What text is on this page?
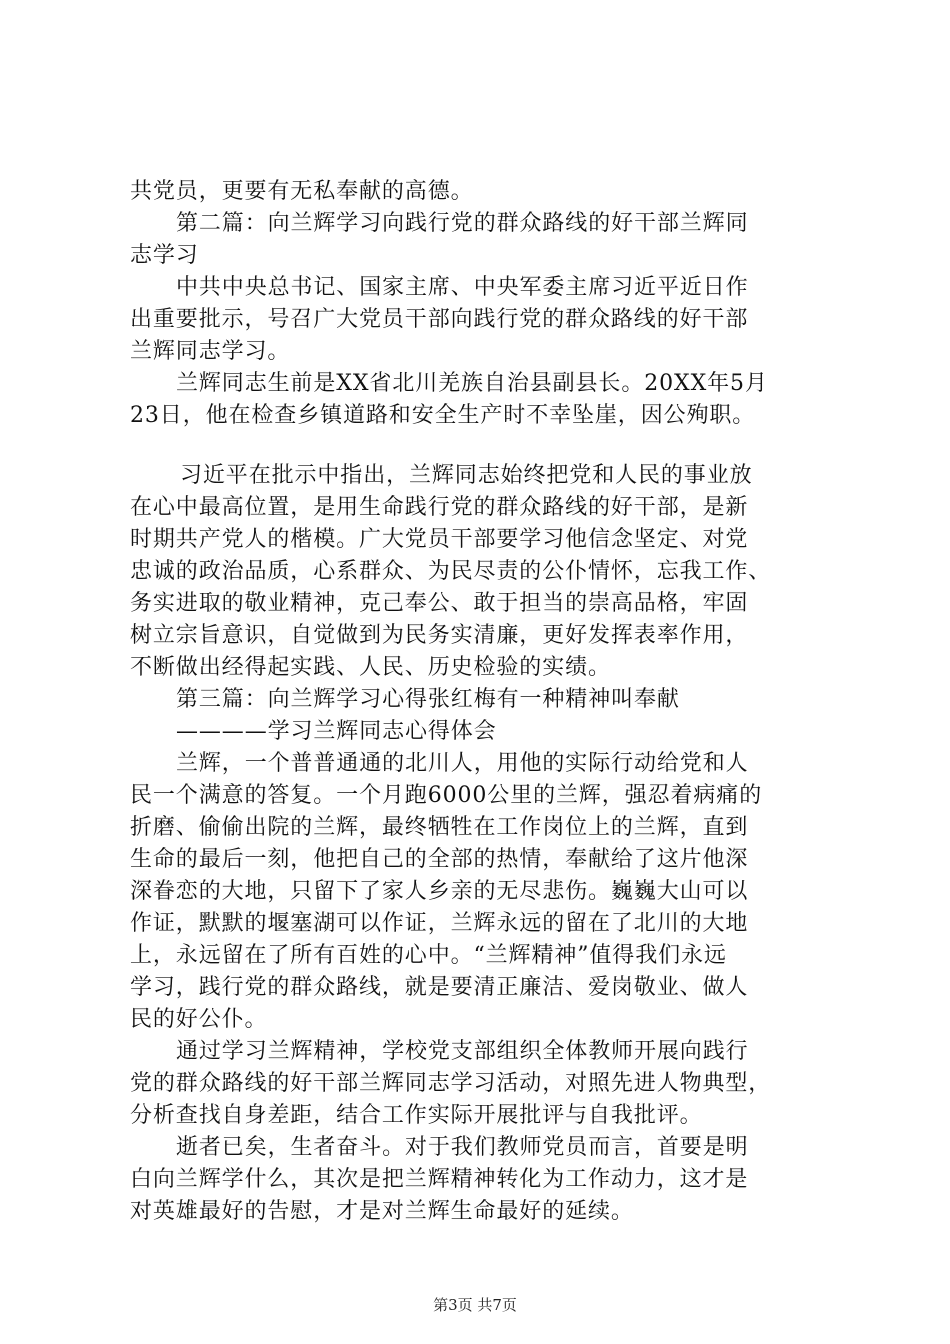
共党员，更要有无私奉献的高德。
第二篇：向兰辉学习向践行党的群众路线的好干部兰辉同
志学习
中共中央总书记、国家主席、中央军委主席习近平近日作
出重要批示，号召广大党员干部向践行党的群众路线的好干部
兰辉同志学习。
兰辉同志生前是XX省北川羌族自治县副县长。20XX年5月
23日，他在检查乡镇道路和安全生产时不幸坠崖，因公殉职。
习近平在批示中指出，兰辉同志始终把党和人民的事业放
在心中最高位置，是用生命践行党的群众路线的好干部，是新
时期共产党人的楷模。广大党员干部要学习他信念坚定、对党
忠诚的政治品质，心系群众、为民尽责的公仆情怀，忘我工作、
务实进取的敬业精神，克己奉公、敢于担当的崇高品格，牢固
树立宗旨意识，自觉做到为民务实清廉，更好发挥表率作用，
不断做出经得起实践、人民、历史检验的实绩。
第三篇：向兰辉学习心得张红梅有一种精神叫奉献
————学习兰辉同志心得体会
兰辉，一个普普通通的北川人，用他的实际行动给党和人
民一个满意的答复。一个月跑6000公里的兰辉，强忍着病痛的
折磨、偷偷出院的兰辉，最终牺牲在工作岗位上的兰辉，直到
生命的最后一刻，他把自己的全部的热情，奉献给了这片他深
深眷恋的大地，只留下了家人乡亲的无尽悲伤。巍巍大山可以
作证，默默的堰塞湖可以作证，兰辉永远的留在了北川的大地
上，永远留在了所有百姓的心中。“兰辉精神”值得我们永远
学习，践行党的群众路线，就是要清正廉洁、爱岗敬业、做人
民的好公仆。
通过学习兰辉精神，学校党支部组织全体教师开展向践行
党的群众路线的好干部兰辉同志学习活动，对照先进人物典型，
分析查找自身差距，结合工作实际开展批评与自我批评。
逝者已矣，生者奋斗。对于我们教师党员而言，首要是明
白向兰辉学什么，其次是把兰辉精神转化为工作动力，这才是
对英雄最好的告慰，才是对兰辉生命最好的延续。
第3页 共7页
